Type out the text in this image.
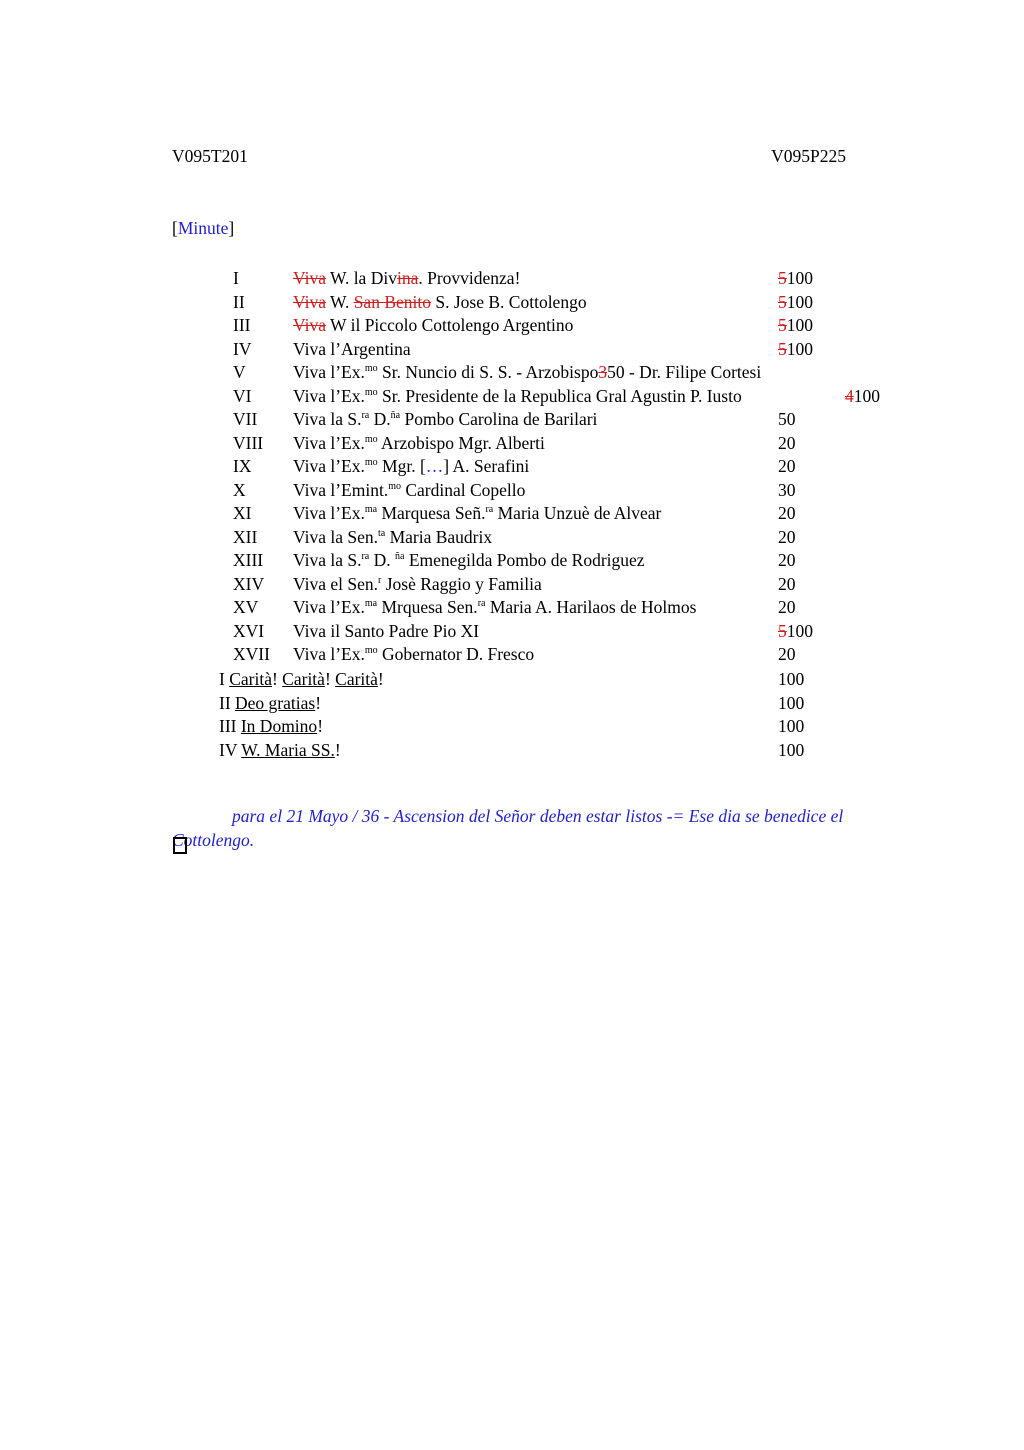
V095T201	V095P225
[Minute]
I	Viva W. la Divina. Provvidenza!	5100
II	Viva W. San Benito S. Jose B. Cottolengo	5100
III Viva W il Piccolo Cottolengo Argentino	5100
IV Viva l’Argentina	5100
V	Viva l’Ex.$^{mo}$ Sr. Nuncio di S. S. - Arzobispo350 - Dr. Filipe Cortesi
VI Viva l’Ex.$^{mo}$ Sr. Presidente de la Republica Gral Agustin P. Iusto	4100
VII Viva la S.$^{ra}$ D.$^{ña}$ Pombo Carolina de Barilari	50
VIII Viva l’Ex.$^{mo}$ Arzobispo Mgr. Alberti	20
IX Viva l’Ex.$^{mo}$ Mgr. […] A. Serafini	20
X	Viva l’Emint.$^{mo}$ Cardinal Copello	30
XI Viva l’Ex.$^{ma}$ Marquesa Señ.$^{ra}$ Maria Unzuè de Alvear	20
XII Viva la Sen.$^{ta}$ Maria Baudrix	20
XIII Viva la S.$^{ra}$ D. $^{ña}$ Emenegilda Pombo de Rodriguez	20
XIV Viva el Sen.$^r$ Josè Raggio y Familia	20
XV Viva l’Ex.$^{ma}$ Mrquesa Sen.$^{ra}$ Maria A. Harilaos de Holmos	20
XVI Viva il Santo Padre Pio XI	5100
XVII Viva l’Ex.$^{mo}$ Gobernator D. Fresco	20
I Carità! Carità! Carità!	100
II Deo gratias!	100
III In Domino!	100
IV W. Maria SS.!	100

para el 21 Mayo / 36 - Ascension del Señor deben estar listos -= Ese dia se benedice el Cottolengo.
